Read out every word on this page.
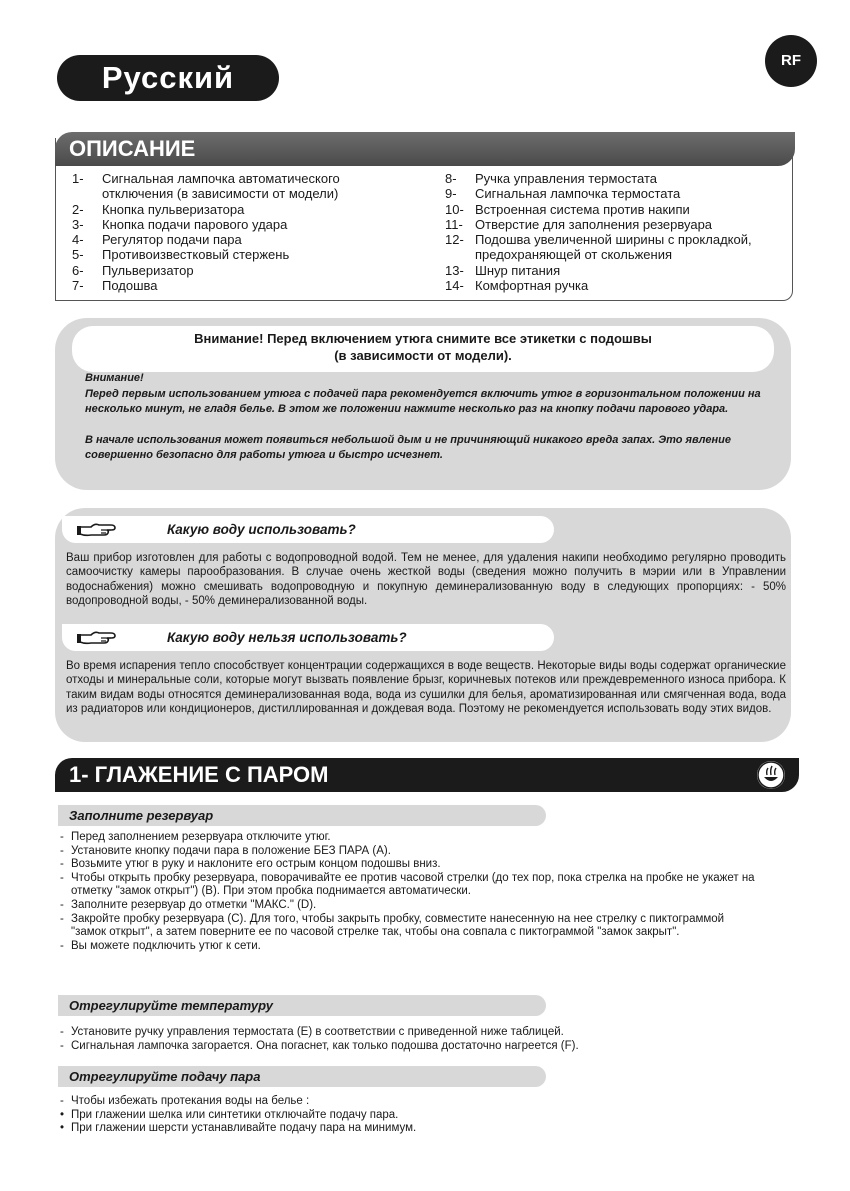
Русский	RF
ОПИСАНИЕ
1- Сигнальная лампочка автоматического отключения (в зависимости от модели)
2- Кнопка пульверизатора
3- Кнопка подачи парового удара
4- Регулятор подачи пара
5- Противоизвестковый стержень
6- Пульверизатор
7- Подошва
8- Ручка управления термостата
9- Сигнальная лампочка термостата
10- Встроенная система против накипи
11- Отверстие для заполнения резервуара
12- Подошва увеличенной ширины с прокладкой, предохраняющей от скольжения
13- Шнур питания
14- Комфортная ручка
Внимание! Перед включением утюга снимите все этикетки с подошвы
(в зависимости от модели).

Внимание!

Перед первым использованием утюга с подачей пара рекомендуется включить утюг в горизонтальном положении на несколько минут, не гладя белье. В этом же положении нажмите несколько раз на кнопку подачи парового удара.

В начале использования может появиться небольшой дым и не причиняющий никакого вреда запах. Это явление совершенно безопасно для работы утюга и быстро исчезнет.

Какую воду использовать?
Ваш прибор изготовлен для работы с водопроводной водой. Тем не менее, для удаления накипи необходимо регулярно проводить самоочистку камеры парообразования. В случае очень жесткой воды (сведения можно получить в мэрии или в Управлении водоснабжения) можно смешивать водопроводную и покупную деминерализованную воду в следующих пропорциях: - 50% водопроводной воды, - 50% деминерализованной воды.
Какую воду нельзя использовать?
Во время испарения тепло способствует концентрации содержащихся в воде веществ. Некоторые виды воды содержат органические отходы и минеральные соли, которые могут вызвать появление брызг, коричневых потеков или преждевременного износа прибора. К таким видам воды относятся деминерализованная вода, вода из сушилки для белья, ароматизированная или смягченная вода, вода из радиаторов или кондиционеров, дистиллированная и дождевая вода. Поэтому не рекомендуется использовать воду этих видов.
1- ГЛАЖЕНИЕ С ПАРОМ
Заполните резервуар
- Перед заполнением резервуара отключите утюг.
- Установите кнопку подачи пара в положение БЕЗ ПАРА (A).
- Возьмите утюг в руку и наклоните его острым концом подошвы вниз.
- Чтобы открыть пробку резервуара, поворачивайте ее против часовой стрелки (до тех пор, пока стрелка на пробке не укажет на отметку "замок открыт") (B). При этом пробка поднимается автоматически.
- Заполните резервуар до отметки "МАКС." (D).
- Закройте пробку резервуара (C). Для того, чтобы закрыть пробку, совместите нанесенную на нее стрелку с пиктограммой "замок открыт", а затем поверните ее по часовой стрелке так, чтобы она совпала с пиктограммой "замок закрыт".
- Вы можете подключить утюг к сети.
Отрегулируйте температуру
- Установите ручку управления термостата (E) в соответствии с приведенной ниже таблицей.
- Сигнальная лампочка загорается. Она погаснет, как только подошва достаточно нагреется (F).
Отрегулируйте подачу пара
- Чтобы избежать протекания воды на белье :
• При глажении шелка или синтетики отключайте подачу пара.
• При глажении шерсти устанавливайте подачу пара на минимум.
